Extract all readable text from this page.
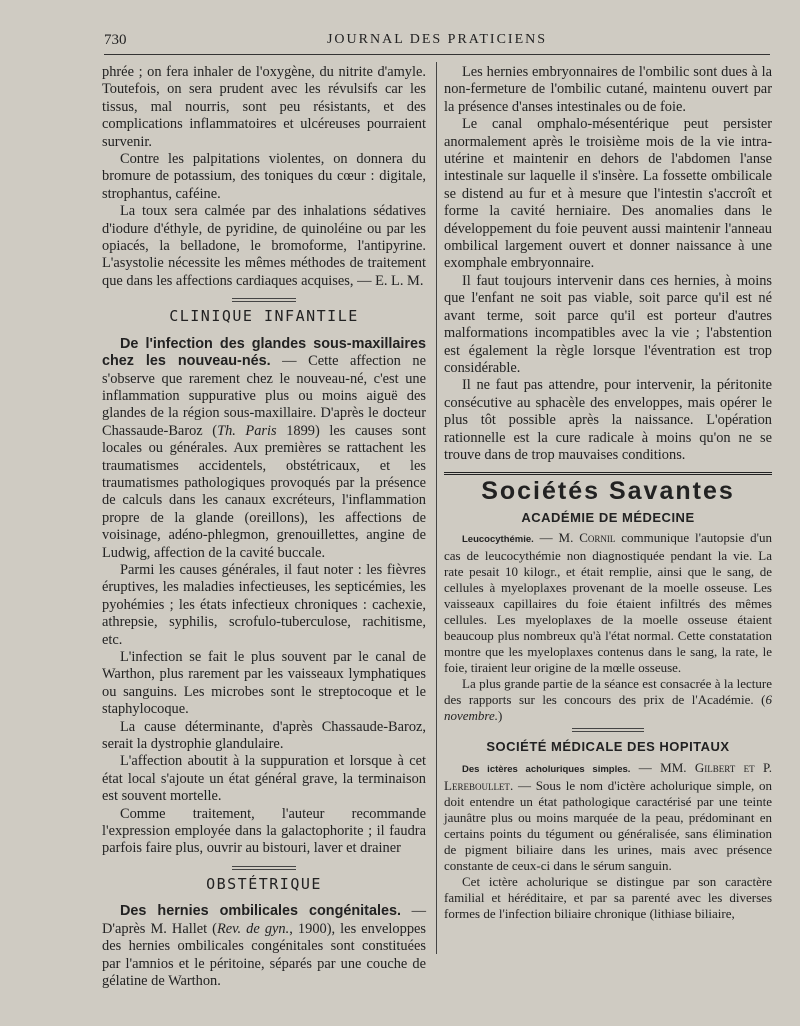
730	JOURNAL DES PRATICIENS

phrée ; on fera inhaler de l'oxygène, du nitrite d'amyle. Toutefois, on sera prudent avec les révulsifs car les tissus, mal nourris, sont peu résistants, et des complications inflammatoires et ulcéreuses pourraient survenir.

Contre les palpitations violentes, on donnera du bromure de potassium, des toniques du cœur : digitale, strophantus, caféine.

La toux sera calmée par des inhalations sédatives d'iodure d'éthyle, de pyridine, de quinoléine ou par les opiacés, la belladone, le bromoforme, l'antipyrine. L'asystolie nécessite les mêmes méthodes de traitement que dans les affections cardiaques acquises, — E. L. M.

CLINIQUE INFANTILE

De l'infection des glandes sous-maxillaires chez les nouveau-nés. — Cette affection ne s'observe que rarement chez le nouveau-né, c'est une inflammation suppurative plus ou moins aiguë des glandes de la région sous-maxillaire. D'après le docteur Chassaude-Baroz (Th. Paris 1899) les causes sont locales ou générales. Aux premières se rattachent les traumatismes accidentels, obstétricaux, et les traumatismes pathologiques provoqués par la présence de calculs dans les canaux excréteurs, l'inflammation propre de la glande (oreillons), les affections de voisinage, adéno-phlegmon, grenouillettes, angine de Ludwig, affection de la cavité buccale.

Parmi les causes générales, il faut noter : les fièvres éruptives, les maladies infectieuses, les septicémies, les pyohémies ; les états infectieux chroniques : cachexie, athrepsie, syphilis, scrofulo-tuberculose, rachitisme, etc.

L'infection se fait le plus souvent par le canal de Warthon, plus rarement par les vaisseaux lymphatiques ou sanguins. Les microbes sont le streptocoque et le staphylocoque.

La cause déterminante, d'après Chassaude-Baroz, serait la dystrophie glandulaire.

L'affection aboutit à la suppuration et lorsque à cet état local s'ajoute un état général grave, la terminaison est souvent mortelle.

Comme traitement, l'auteur recommande l'expression employée dans la galactophorite ; il faudra parfois faire plus, ouvrir au bistouri, laver et drainer

OBSTÉTRIQUE

Des hernies ombilicales congénitales. — D'après M. Hallet (Rev. de gyn., 1900), les enveloppes des hernies ombilicales congénitales sont constituées par l'amnios et le péritoine, séparés par une couche de gélatine de Warthon.

Les hernies embryonnaires de l'ombilic sont dues à la non-fermeture de l'ombilic cutané, maintenu ouvert par la présence d'anses intestinales ou de foie.

Le canal omphalo-mésentérique peut persister anormalement après le troisième mois de la vie intra-utérine et maintenir en dehors de l'abdomen l'anse intestinale sur laquelle il s'insère. La fossette ombilicale se distend au fur et à mesure que l'intestin s'accroît et forme la cavité herniaire. Des anomalies dans le développement du foie peuvent aussi maintenir l'anneau ombilical largement ouvert et donner naissance à une exomphale embryonnaire.

Il faut toujours intervenir dans ces hernies, à moins que l'enfant ne soit pas viable, soit parce qu'il est né avant terme, soit parce qu'il est porteur d'autres malformations incompatibles avec la vie ; l'abstention est également la règle lorsque l'éventration est trop considérable.

Il ne faut pas attendre, pour intervenir, la péritonite consécutive au sphacèle des enveloppes, mais opérer le plus tôt possible après la naissance. L'opération rationnelle est la cure radicale à moins qu'on ne se trouve dans de trop mauvaises conditions.

Sociétés Savantes
ACADÉMIE DE MÉDECINE

Leucocythémie. — M. Cornil communique l'autopsie d'un cas de leucocythémie non diagnostiquée pendant la vie. La rate pesait 10 kilogr., et était remplie, ainsi que le sang, de cellules à myeloplaxes provenant de la moelle osseuse. Les vaisseaux capillaires du foie étaient infiltrés des mêmes cellules. Les myeloplaxes de la moelle osseuse étaient beaucoup plus nombreux qu'à l'état normal. Cette constatation montre que les myeloplaxes contenus dans le sang, la rate, le foie, tiraient leur origine de la mœlle osseuse.

La plus grande partie de la séance est consacrée à la lecture des rapports sur les concours des prix de l'Académie. (6 novembre.)

SOCIÉTÉ MÉDICALE DES HOPITAUX

Des ictères acholuriques simples. — MM. Gilbert et P. Lereboullet. — Sous le nom d'ictère acholurique simple, on doit entendre un état pathologique caractérisé par une teinte jaunâtre plus ou moins marquée de la peau, prédominant en certains points du tégument ou généralisée, sans élimination de pigment biliaire dans les urines, mais avec présence constante de ceux-ci dans le sérum sanguin.

Cet ictère acholurique se distingue par son caractère familial et héréditaire, et par sa parenté avec les diverses formes de l'infection biliaire chronique (lithiase biliaire,
